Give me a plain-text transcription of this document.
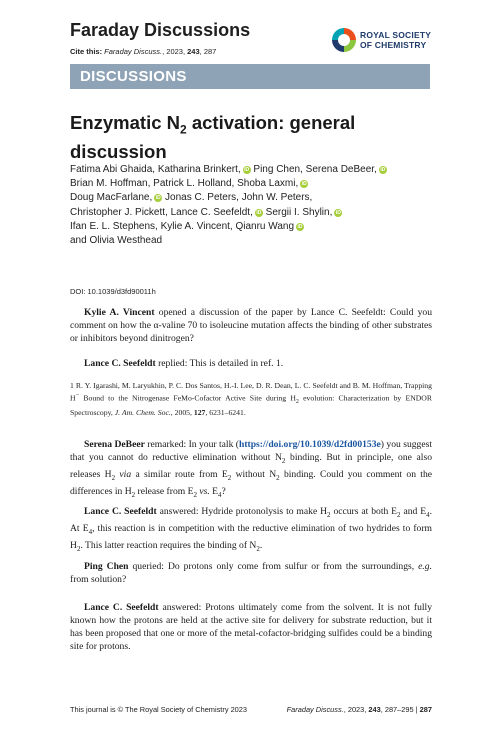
Faraday Discussions
Cite this: Faraday Discuss., 2023, 243, 287
ROYAL SOCIETY
OF CHEMISTRY
DISCUSSIONS
Enzymatic $N_2$ activation: general discussion
Fatima Abi Ghaida, Katharina Brinkert, iD Ping Chen, Serena DeBeer, iD
Brian M. Hoffman, Patrick L. Holland, Shoba Laxmi, iD
Doug MacFarlane, iD Jonas C. Peters, John W. Peters,
Christopher J. Pickett, Lance C. Seefeldt, iD Sergii I. Shylin, iD
Ifan E. L. Stephens, Kylie A. Vincent, Qianru Wang iD
and Olivia Westhead
DOI: 10.1039/d3fd90011h
Kylie A. Vincent opened a discussion of the paper by Lance C. Seefeldt: Could you comment on how the α-valine 70 to isoleucine mutation affects the binding of other substrates or inhibitors beyond dinitrogen?
Lance C. Seefeldt replied: This is detailed in ref. 1.
1 R. Y. Igarashi, M. Laryukhin, P. C. Dos Santos, H.-I. Lee, D. R. Dean, L. C. Seefeldt and B. M. Hoffman, Trapping H− Bound to the Nitrogenase FeMo-Cofactor Active Site during $H_2$ evolution: Characterization by ENDOR Spectroscopy, J. Am. Chem. Soc., 2005, 127, 6231–6241.
Serena DeBeer remarked: In your talk (https://doi.org/10.1039/d2fd00153e) you suggest that you cannot do reductive elimination without $N_2$ binding. But in principle, one also releases $H_2$ via a similar route from $E_2$ without $N_2$ binding. Could you comment on the differences in $H_2$ release from $E_2$ vs. $E_4$?
Lance C. Seefeldt answered: Hydride protonolysis to make $H_2$ occurs at both $E_2$ and $E_4$. At $E_4$, this reaction is in competition with the reductive elimination of two hydrides to form $H_2$. This latter reaction requires the binding of $N_2$.
Ping Chen queried: Do protons only come from sulfur or from the surroundings, e.g. from solution?
Lance C. Seefeldt answered: Protons ultimately come from the solvent. It is not fully known how the protons are held at the active site for delivery for substrate reduction, but it has been proposed that one or more of the metal-cofactor-bridging sulfides could be a binding site for protons.
This journal is © The Royal Society of Chemistry 2023	Faraday Discuss., 2023, 243, 287–295 | 287
